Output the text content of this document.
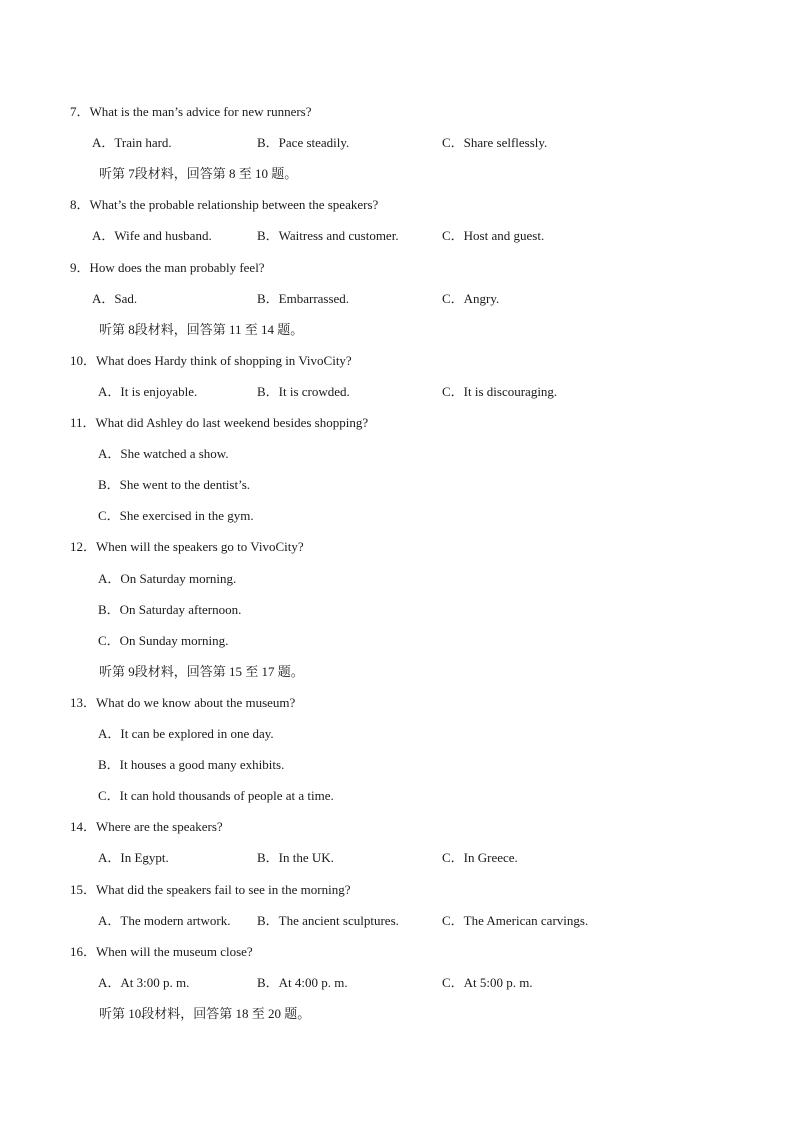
7．What is the man’s advice for new runners?
A．Train hard.	B．Pace steadily.	C．Share selflessly.
听第 7段材料，回答第 8 至 10 题。
8．What’s the probable relationship between the speakers?
A．Wife and husband.	B．Waitress and customer.	C．Host and guest.
9．How does the man probably feel?
A．Sad.	B．Embarrassed.	C．Angry.
听第 8段材料，回答第 11 至 14 题。
10．What does Hardy think of shopping in VivoCity?
A．It is enjoyable.	B．It is crowded.	C．It is discouraging.
11．What did Ashley do last weekend besides shopping?
A．She watched a show.
B．She went to the dentist’s.
C．She exercised in the gym.
12．When will the speakers go to VivoCity?
A．On Saturday morning.
B．On Saturday afternoon.
C．On Sunday morning.
听第 9段材料，回答第 15 至 17 题。
13．What do we know about the museum?
A．It can be explored in one day.
B．It houses a good many exhibits.
C．It can hold thousands of people at a time.
14．Where are the speakers?
A．In Egypt.	B．In the UK.	C．In Greece.
15．What did the speakers fail to see in the morning?
A．The modern artwork. B．The ancient sculptures.	C．The American carvings.
16．When will the museum close?
A．At 3:00 p. m.	B．At 4:00 p. m.	C．At 5:00 p. m.
听第 10段材料，回答第 18 至 20 题。
